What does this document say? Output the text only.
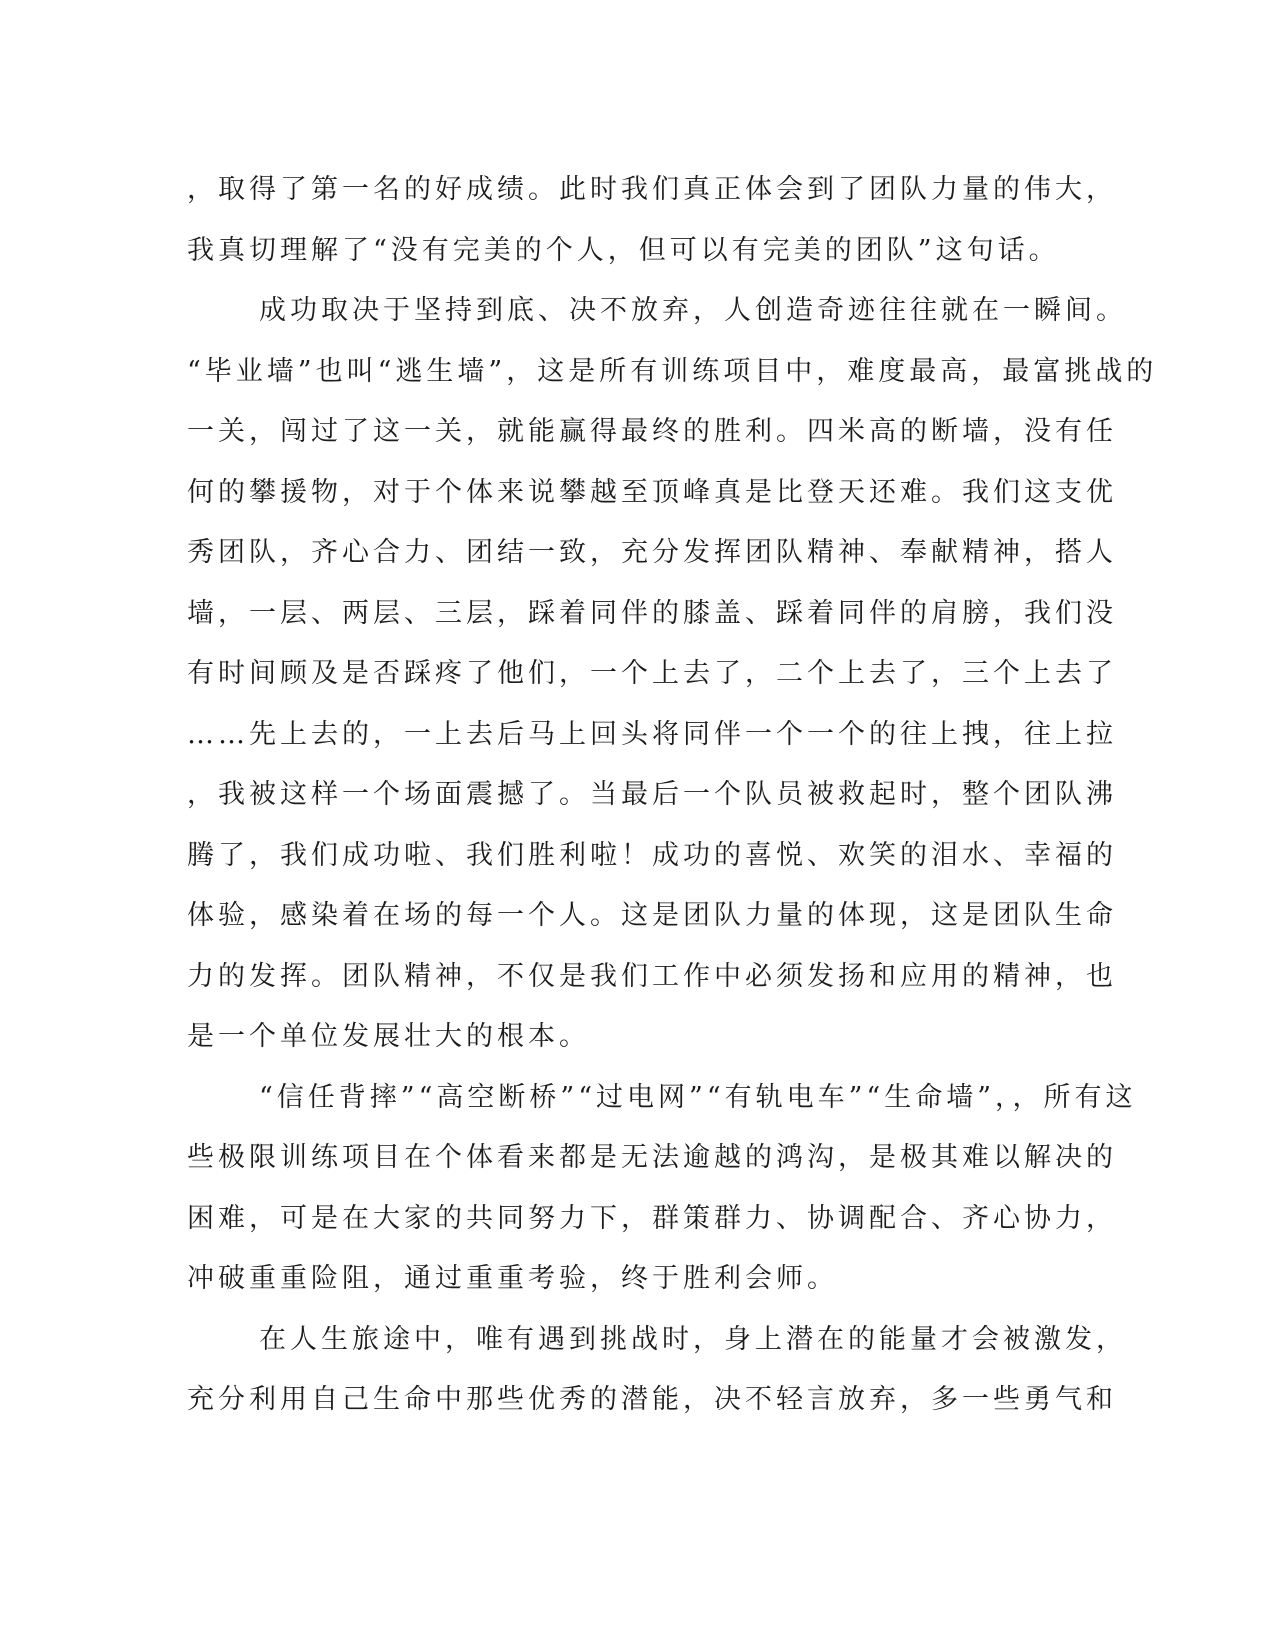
，取得了第一名的好成绩。此时我们真正体会到了团队力量的伟大，
我真切理解了“没有完美的个人，但可以有完美的团队”这句话。
成功取决于坚持到底、决不放弃，人创造奇迹往往就在一瞬间。
“毕业墙”也叫“逃生墙”，这是所有训练项目中，难度最高，最富挑战的
一关，闯过了这一关，就能赢得最终的胜利。四米高的断墙，没有任
何的攀援物，对于个体来说攀越至顶峰真是比登天还难。我们这支优
秀团队，齐心合力、团结一致，充分发挥团队精神、奉献精神，搭人
墙，一层、两层、三层，踩着同伴的膝盖、踩着同伴的肩膀，我们没
有时间顾及是否踩疼了他们，一个上去了，二个上去了，三个上去了
……先上去的，一上去后马上回头将同伴一个一个的往上拽，往上拉
，我被这样一个场面震撼了。当最后一个队员被救起时，整个团队沸
腾了，我们成功啦、我们胜利啦！成功的喜悦、欢笑的泪水、幸福的
体验，感染着在场的每一个人。这是团队力量的体现，这是团队生命
力的发挥。团队精神，不仅是我们工作中必须发扬和应用的精神，也
是一个单位发展壮大的根本。
“信任背摔”“高空断桥”“过电网”“有轨电车”“生命墙”，，所有这
些极限训练项目在个体看来都是无法逾越的鸿沟，是极其难以解决的
困难，可是在大家的共同努力下，群策群力、协调配合、齐心协力，
冲破重重险阻，通过重重考验，终于胜利会师。
在人生旅途中，唯有遇到挑战时，身上潜在的能量才会被激发，
充分利用自己生命中那些优秀的潜能，决不轻言放弃，多一些勇气和
